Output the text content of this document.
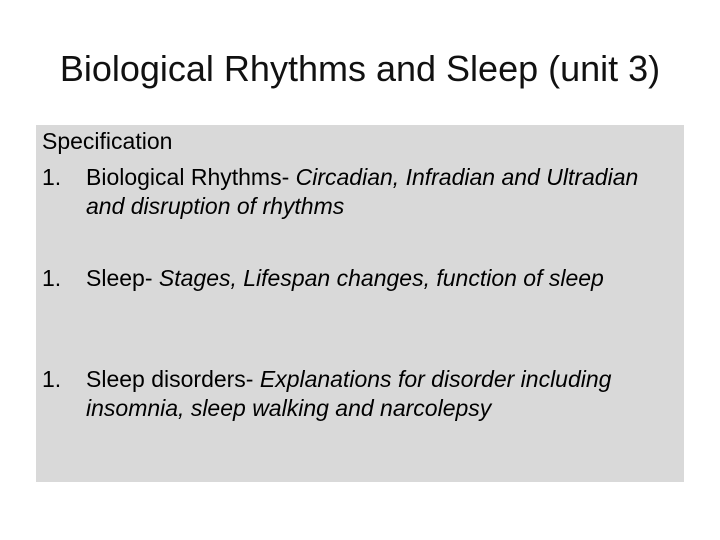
Biological Rhythms and Sleep (unit 3)
Specification
1.	Biological Rhythms- Circadian, Infradian and Ultradian and disruption of rhythms
1.	Sleep- Stages, Lifespan changes, function of sleep
1.	Sleep disorders- Explanations for disorder including insomnia, sleep walking and narcolepsy
